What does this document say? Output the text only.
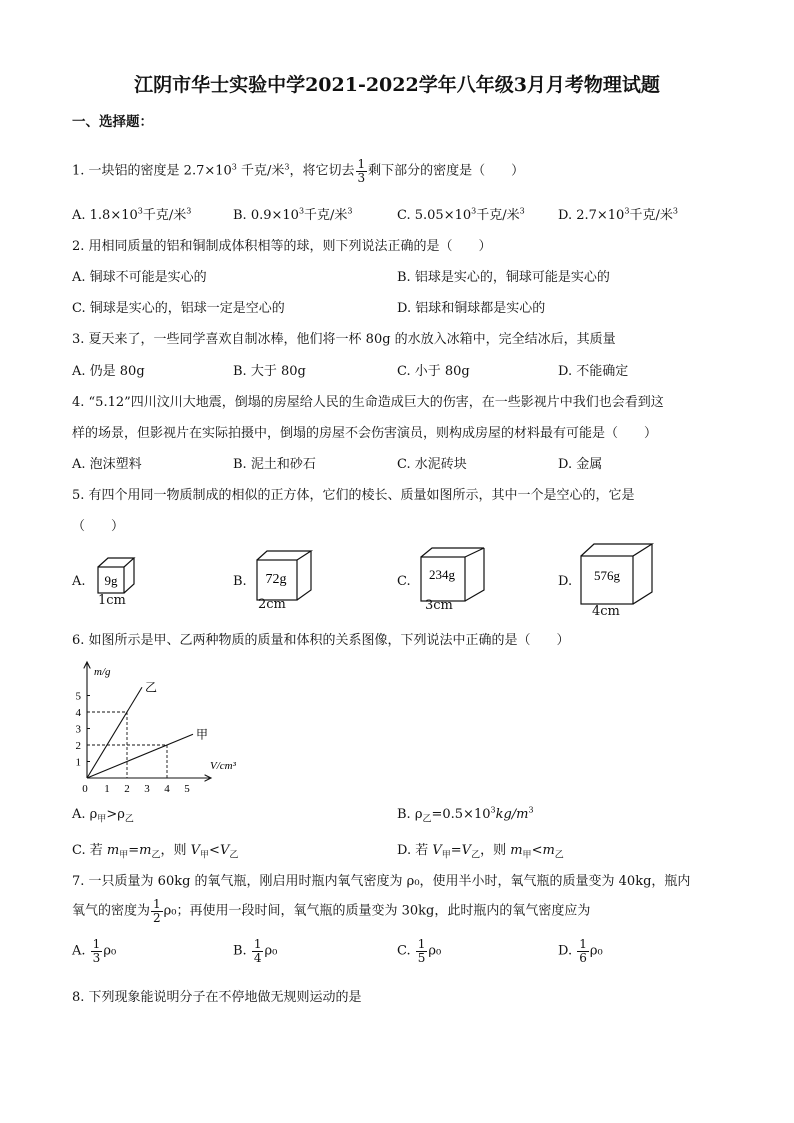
江阴市华士实验中学2021-2022学年八年级3月月考物理试题
一、选择题：
1. 一块铝的密度是 $2.7\times 10^3$ 千克/米$^3$，将它切去 $\frac{1}{3}$ 剩下部分的密度是（　　）
A. $1.8\times 10^3$千克/米$^3$	B. $0.9\times 10^3$千克/米$^3$	C. $5.05\times 10^3$千克/米$^3$	D. $2.7\times 10^3$千克/米$^3$
2. 用相同质量的铝和铜制成体积相等的球，则下列说法正确的是（　　）
A. 铜球不可能是实心的	B. 铝球是实心的，铜球可能是实心的
C. 铜球是实心的，铝球一定是空心的	D. 铝球和铜球都是实心的
3. 夏天来了，一些同学喜欢自制冰棒，他们将一杯 80g 的水放入冰箱中，完全结冰后，其质量
A. 仍是 80g	B. 大于 80g	C. 小于 80g	D. 不能确定
4. “5.12”四川汶川大地震，倒塌的房屋给人民的生命造成巨大的伤害，在一些影视片中我们也会看到这
样的场景，但影视片在实际拍摄中，倒塌的房屋不会伤害演员，则构成房屋的材料最有可能是（　　）
A. 泡沫塑料	B. 泥土和砂石	C. 水泥砖块	D. 金属
5. 有四个用同一物质制成的相似的正方体，它们的棱长、质量如图所示，其中一个是空心的，它是
（　　）
A. 9g
1cm
B. 72g
2cm
C. 234g
3cm
D. 576g
4cm
6. 如图所示是甲、乙两种物质的质量和体积的关系图像，下列说法中正确的是（　　）
乙
甲
0 1 2 3 4 5
1
2
3
4
5
m/g
V/cm³
A. $\rho_甲>\rho_乙$	B. $\rho_乙=0.5\times 10^3kg/m^3$
C. 若 $m_甲=m_乙$，则 $V_甲<V_乙$	D. 若 $V_甲=V_乙$，则 $m_甲<m_乙$
7. 一只质量为 60kg 的氧气瓶，刚启用时瓶内氧气密度为 ρ₀，使用半小时，氧气瓶的质量变为 40kg，瓶内
氧气的密度为 $\frac{1}{2} \rho_0$；再使用一段时间，氧气瓶的质量变为 30kg，此时瓶内的氧气密度应为
A. $\frac{1}{3} \rho_0$	B. $\frac{1}{4} \rho_0$	C. $\frac{1}{5} \rho_0$	D. $\frac{1}{6} \rho_0$
8. 下列现象能说明分子在不停地做无规则运动的是
